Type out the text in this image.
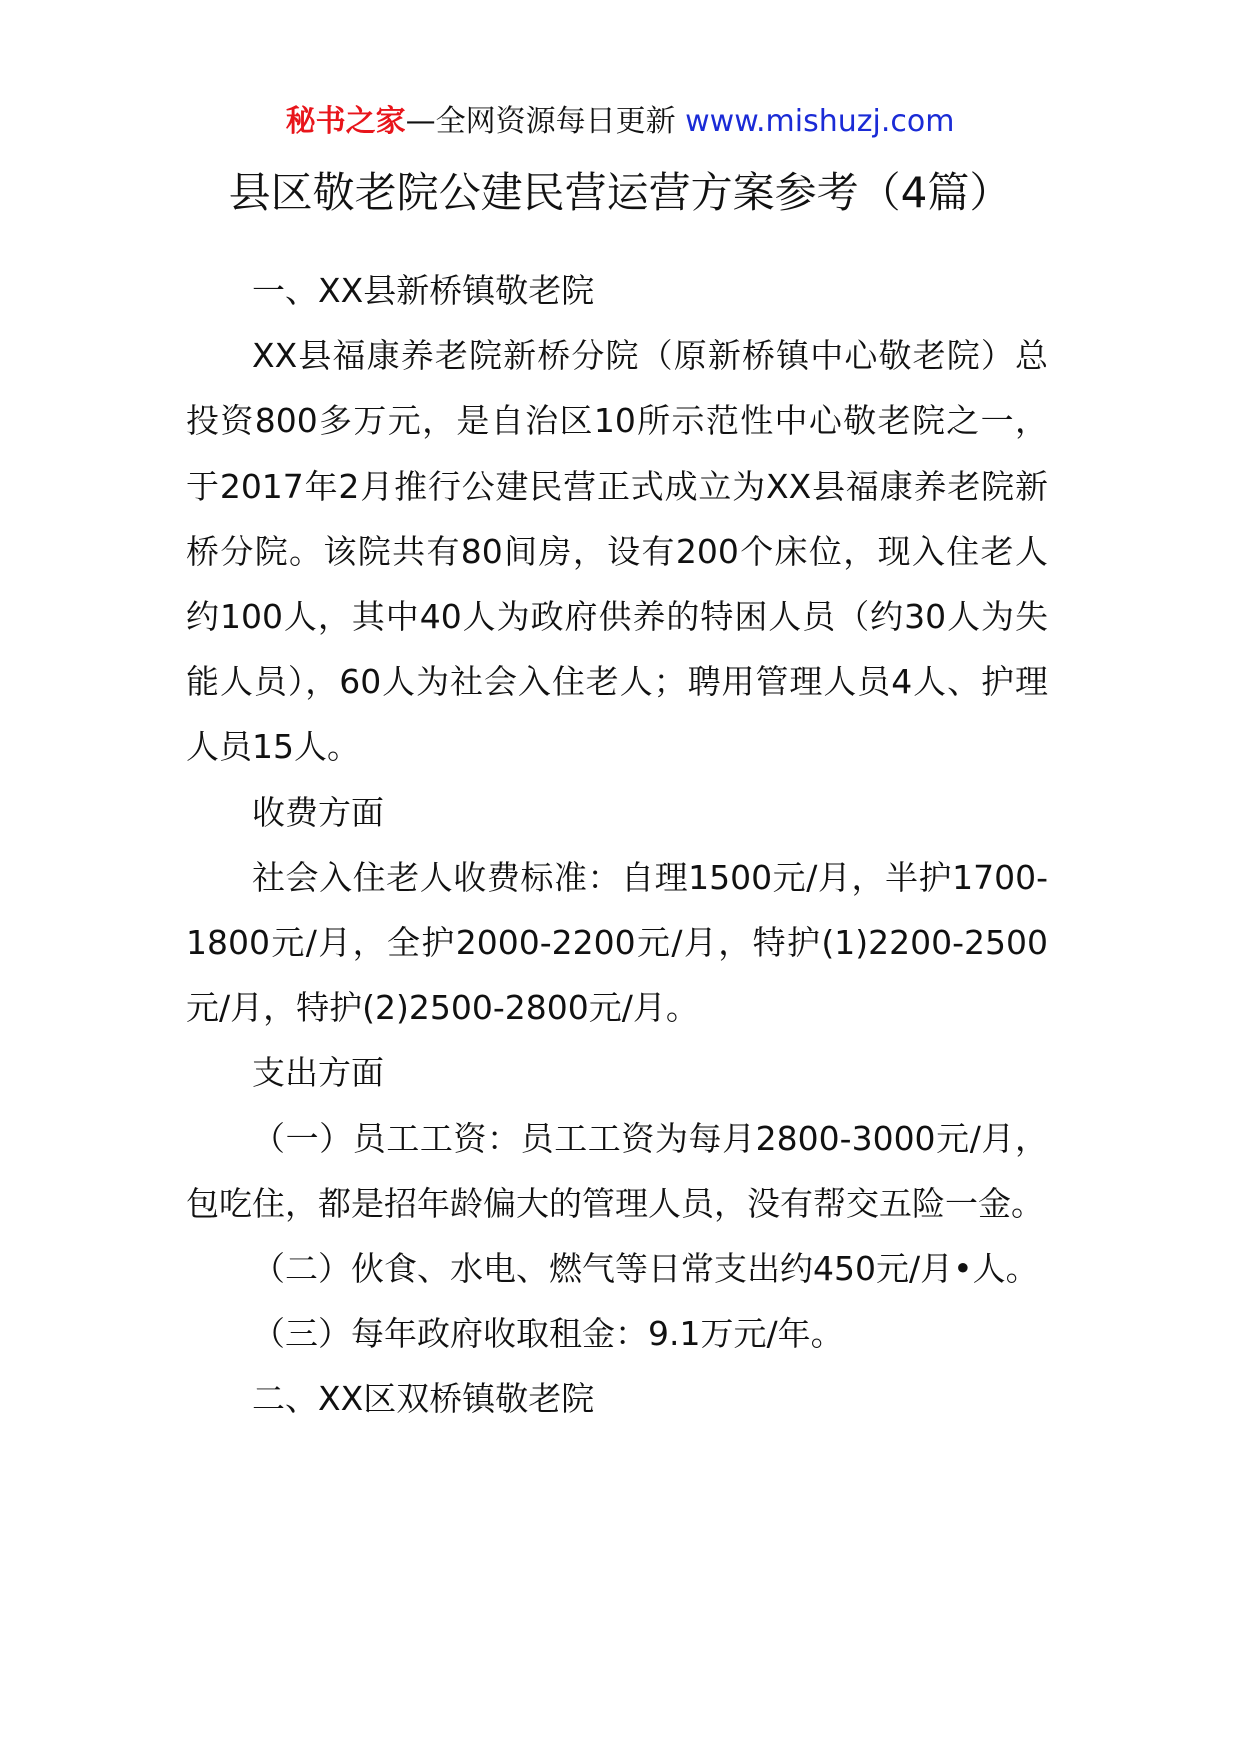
秘书之家—全网资源每日更新 www.mishuzj.com
县区敬老院公建民营运营方案参考（4篇）

一、XX县新桥镇敬老院

XX县福康养老院新桥分院（原新桥镇中心敬老院）总投资800多万元，是自治区10所示范性中心敬老院之一，于2017年2月推行公建民营正式成立为XX县福康养老院新桥分院。该院共有80间房，设有200个床位，现入住老人约100人，其中40人为政府供养的特困人员（约30人为失能人员），60人为社会入住老人；聘用管理人员4人、护理人员15人。

收费方面

社会入住老人收费标准：自理1500元/月，半护1700-1800元/月，全护2000-2200元/月，特护(1)2200-2500元/月，特护(2)2500-2800元/月。

支出方面

（一）员工工资：员工工资为每月2800-3000元/月，包吃住，都是招年龄偏大的管理人员，没有帮交五险一金。

（二）伙食、水电、燃气等日常支出约450元/月•人。

（三）每年政府收取租金：9.1万元/年。

二、XX区双桥镇敬老院
